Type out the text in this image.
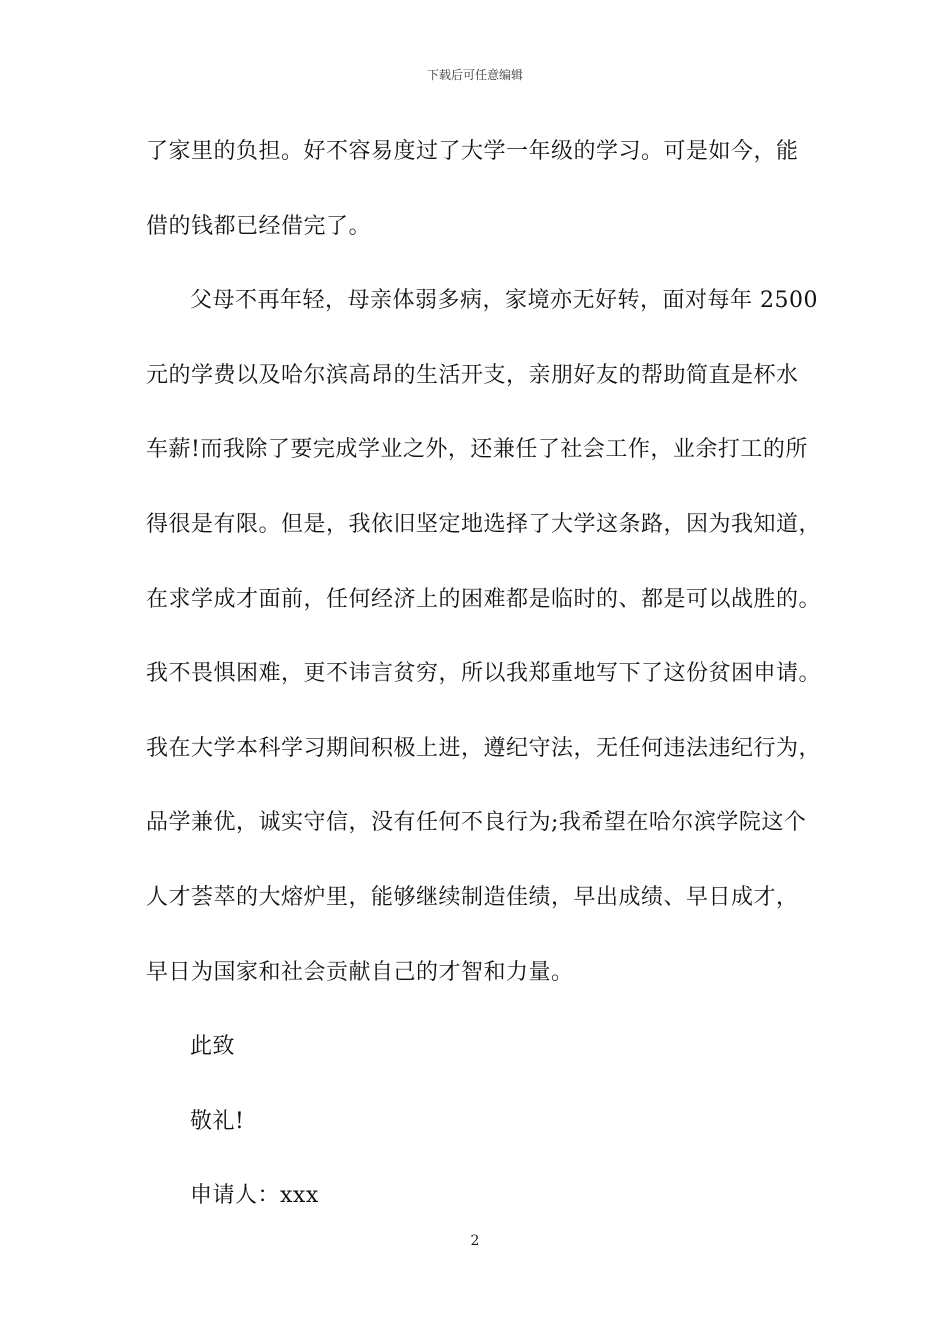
下载后可任意编辑
了家里的负担。好不容易度过了大学一年级的学习。可是如今，能
借的钱都已经借完了。
父母不再年轻，母亲体弱多病，家境亦无好转，面对每年 2500
元的学费以及哈尔滨高昂的生活开支，亲朋好友的帮助简直是杯水
车薪!而我除了要完成学业之外，还兼任了社会工作，业余打工的所
得很是有限。但是，我依旧坚定地选择了大学这条路，因为我知道，
在求学成才面前，任何经济上的困难都是临时的、都是可以战胜的。
我不畏惧困难，更不讳言贫穷，所以我郑重地写下了这份贫困申请。
我在大学本科学习期间积极上进，遵纪守法，无任何违法违纪行为，
品学兼优，诚实守信，没有任何不良行为;我希望在哈尔滨学院这个
人才荟萃的大熔炉里，能够继续制造佳绩，早出成绩、早日成才，
早日为国家和社会贡献自己的才智和力量。
此致
敬礼!
申请人：xxx
2
